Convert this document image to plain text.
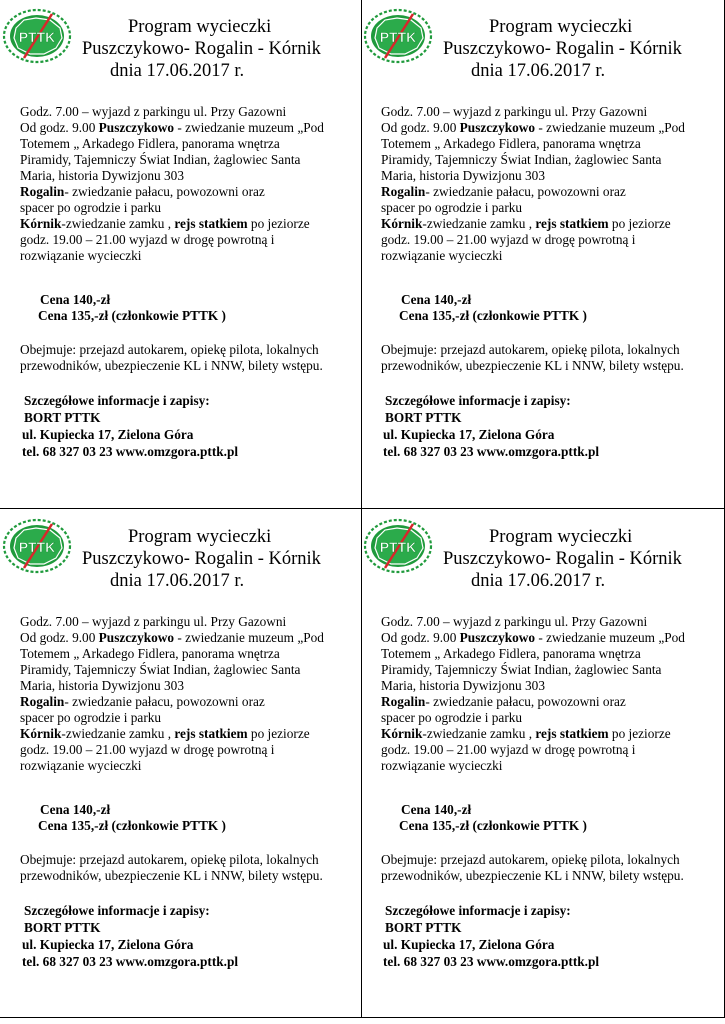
PTTK	Program wycieczki
Puszczykowo- Rogalin - Kórnik
dnia 17.06.2017 r.

Godz. 7.00 – wyjazd z parkingu ul. Przy Gazowni

Od godz. 9.00 Puszczykowo - zwiedzanie muzeum „Pod

Totemem „ Arkadego Fidlera, panorama wnętrza

Piramidy, Tajemniczy Świat Indian, żaglowiec Santa

Maria, historia Dywizjonu 303

Rogalin- zwiedzanie pałacu, powozowni oraz

spacer po ogrodzie i parku

Kórnik-zwiedzanie zamku , rejs statkiem po jeziorze

godz. 19.00 – 21.00 wyjazd w drogę powrotną i

rozwiązanie wycieczki

Cena 140,-zł
Cena 135,-zł (członkowie PTTK )
Obejmuje: przejazd autokarem, opiekę pilota, lokalnych
przewodników, ubezpieczenie KL i NNW, bilety wstępu.
Szczegółowe informacje i zapisy:
BORT PTTK
ul. Kupiecka 17, Zielona Góra
tel. 68 327 03 23 www.omzgora.pttk.pl
PTTK	Program wycieczki
Puszczykowo- Rogalin - Kórnik
dnia 17.06.2017 r.

Godz. 7.00 – wyjazd z parkingu ul. Przy Gazowni

Od godz. 9.00 Puszczykowo - zwiedzanie muzeum „Pod

Totemem „ Arkadego Fidlera, panorama wnętrza

Piramidy, Tajemniczy Świat Indian, żaglowiec Santa

Maria, historia Dywizjonu 303

Rogalin- zwiedzanie pałacu, powozowni oraz

spacer po ogrodzie i parku

Kórnik-zwiedzanie zamku , rejs statkiem po jeziorze

godz. 19.00 – 21.00 wyjazd w drogę powrotną i

rozwiązanie wycieczki

Cena 140,-zł
Cena 135,-zł (członkowie PTTK )
Obejmuje: przejazd autokarem, opiekę pilota, lokalnych
przewodników, ubezpieczenie KL i NNW, bilety wstępu.
Szczegółowe informacje i zapisy:
BORT PTTK
ul. Kupiecka 17, Zielona Góra
tel. 68 327 03 23 www.omzgora.pttk.pl
PTTK	Program wycieczki
Puszczykowo- Rogalin - Kórnik
dnia 17.06.2017 r.

Godz. 7.00 – wyjazd z parkingu ul. Przy Gazowni

Od godz. 9.00 Puszczykowo - zwiedzanie muzeum „Pod

Totemem „ Arkadego Fidlera, panorama wnętrza

Piramidy, Tajemniczy Świat Indian, żaglowiec Santa

Maria, historia Dywizjonu 303

Rogalin- zwiedzanie pałacu, powozowni oraz

spacer po ogrodzie i parku

Kórnik-zwiedzanie zamku , rejs statkiem po jeziorze

godz. 19.00 – 21.00 wyjazd w drogę powrotną i

rozwiązanie wycieczki

Cena 140,-zł
Cena 135,-zł (członkowie PTTK )
Obejmuje: przejazd autokarem, opiekę pilota, lokalnych
przewodników, ubezpieczenie KL i NNW, bilety wstępu.
Szczegółowe informacje i zapisy:
BORT PTTK
ul. Kupiecka 17, Zielona Góra
tel. 68 327 03 23 www.omzgora.pttk.pl
PTTK	Program wycieczki
Puszczykowo- Rogalin - Kórnik
dnia 17.06.2017 r.

Godz. 7.00 – wyjazd z parkingu ul. Przy Gazowni

Od godz. 9.00 Puszczykowo - zwiedzanie muzeum „Pod

Totemem „ Arkadego Fidlera, panorama wnętrza

Piramidy, Tajemniczy Świat Indian, żaglowiec Santa

Maria, historia Dywizjonu 303

Rogalin- zwiedzanie pałacu, powozowni oraz

spacer po ogrodzie i parku

Kórnik-zwiedzanie zamku , rejs statkiem po jeziorze

godz. 19.00 – 21.00 wyjazd w drogę powrotną i

rozwiązanie wycieczki

Cena 140,-zł
Cena 135,-zł (członkowie PTTK )
Obejmuje: przejazd autokarem, opiekę pilota, lokalnych
przewodników, ubezpieczenie KL i NNW, bilety wstępu.
Szczegółowe informacje i zapisy:
BORT PTTK
ul. Kupiecka 17, Zielona Góra
tel. 68 327 03 23 www.omzgora.pttk.pl
